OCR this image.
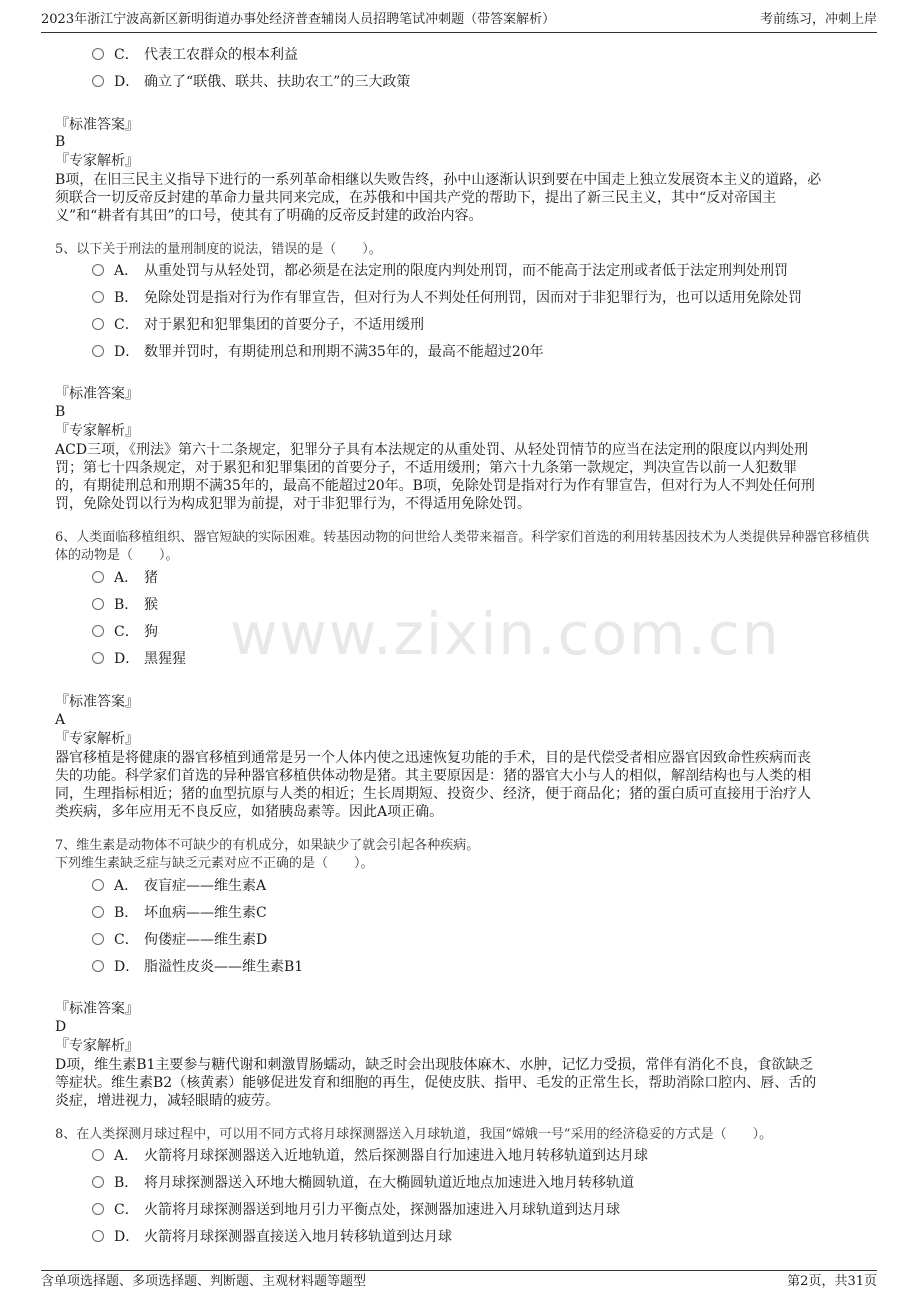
2023年浙江宁波高新区新明街道办事处经济普查辅岗人员招聘笔试冲刺题（带答案解析）	考前练习，冲刺上岸
www.zixin.com.cn
C． 代表工农群众的根本利益
D． 确立了“联俄、联共、扶助农工”的三大政策
『标准答案』
B
『专家解析』
B项，在旧三民主义指导下进行的一系列革命相继以失败告终，孙中山逐渐认识到要在中国走上独立发展资本主义的道路，必
须联合一切反帝反封建的革命力量共同来完成，在苏俄和中国共产党的帮助下，提出了新三民主义，其中“反对帝国主
义”和“耕者有其田”的口号，使其有了明确的反帝反封建的政治内容。
5、以下关于刑法的量刑制度的说法，错误的是（　　）。
A． 从重处罚与从轻处罚，都必须是在法定刑的限度内判处刑罚，而不能高于法定刑或者低于法定刑判处刑罚
B． 免除处罚是指对行为作有罪宣告，但对行为人不判处任何刑罚，因而对于非犯罪行为，也可以适用免除处罚
C． 对于累犯和犯罪集团的首要分子，不适用缓刑
D． 数罪并罚时，有期徒刑总和刑期不满35年的，最高不能超过20年
『标准答案』
B
『专家解析』
ACD三项，《刑法》第六十二条规定，犯罪分子具有本法规定的从重处罚、从轻处罚情节的应当在法定刑的限度以内判处刑
罚；第七十四条规定，对于累犯和犯罪集团的首要分子，不适用缓刑；第六十九条第一款规定，判决宣告以前一人犯数罪
的，有期徒刑总和刑期不满35年的，最高不能超过20年。B项，免除处罚是指对行为作有罪宣告，但对行为人不判处任何刑
罚，免除处罚以行为构成犯罪为前提，对于非犯罪行为，不得适用免除处罚。
6、人类面临移植组织、器官短缺的实际困难。转基因动物的问世给人类带来福音。科学家们首选的利用转基因技术为人类提供异种器官移植供
体的动物是（　　）。
A． 猪
B． 猴
C． 狗
D． 黑猩猩
『标准答案』
A
『专家解析』
器官移植是将健康的器官移植到通常是另一个人体内使之迅速恢复功能的手术，目的是代偿受者相应器官因致命性疾病而丧
失的功能。科学家们首选的异种器官移植供体动物是猪。其主要原因是：猪的器官大小与人的相似，解剖结构也与人类的相
同，生理指标相近；猪的血型抗原与人类的相近；生长周期短、投资少、经济，便于商品化；猪的蛋白质可直接用于治疗人
类疾病，多年应用无不良反应，如猪胰岛素等。因此A项正确。
7、维生素是动物体不可缺少的有机成分，如果缺少了就会引起各种疾病。
下列维生素缺乏症与缺乏元素对应不正确的是（　　）。
A． 夜盲症——维生素A
B． 坏血病——维生素C
C． 佝偻症——维生素D
D． 脂溢性皮炎——维生素B1
『标准答案』
D
『专家解析』
D项，维生素B1主要参与糖代谢和刺激胃肠蠕动，缺乏时会出现肢体麻木、水肿，记忆力受损，常伴有消化不良，食欲缺乏
等症状。维生素B2（核黄素）能够促进发育和细胞的再生，促使皮肤、指甲、毛发的正常生长，帮助消除口腔内、唇、舌的
炎症，增进视力，减轻眼睛的疲劳。
8、在人类探测月球过程中，可以用不同方式将月球探测器送入月球轨道，我国“嫦娥一号”采用的经济稳妥的方式是（　　）。
A． 火箭将月球探测器送入近地轨道，然后探测器自行加速进入地月转移轨道到达月球
B． 将月球探测器送入环地大椭圆轨道，在大椭圆轨道近地点加速进入地月转移轨道
C． 火箭将月球探测器送到地月引力平衡点处，探测器加速进入月球轨道到达月球
D． 火箭将月球探测器直接送入地月转移轨道到达月球
含单项选择题、多项选择题、判断题、主观材料题等题型	第2页，共31页
